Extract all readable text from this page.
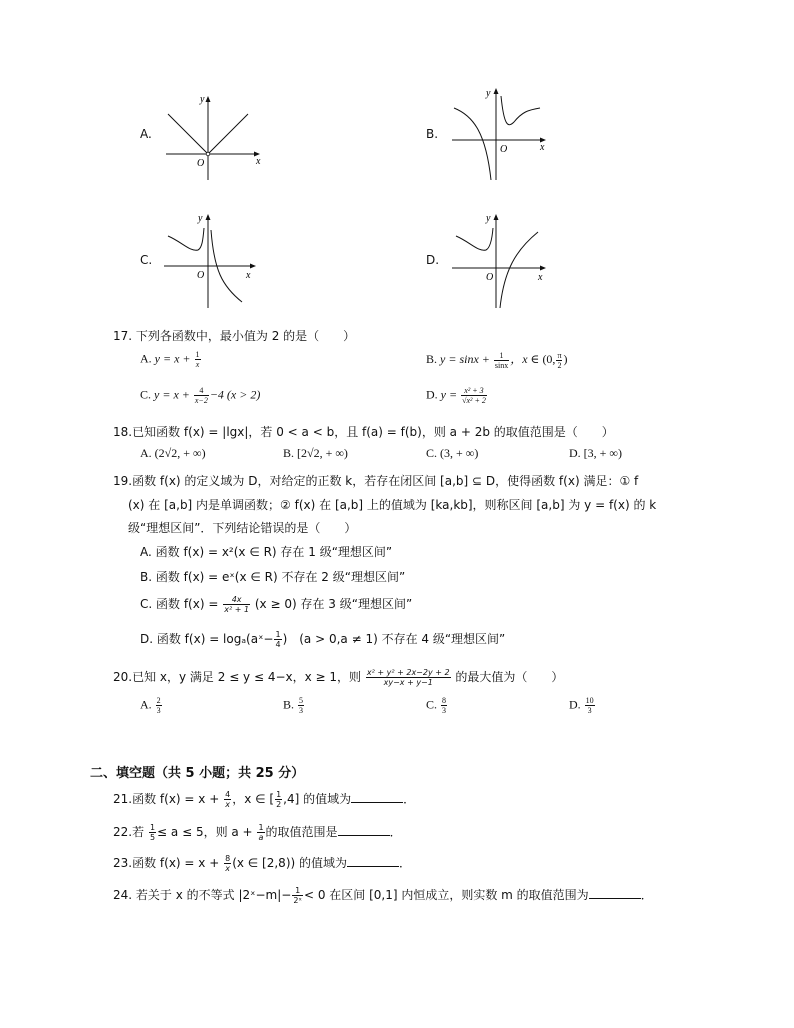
A.
x
y
O
B.
x
y
O
C.
x
y
O
D.
x
y
O
17. 下列各函数中，最小值为 2 的是（　　）
A. $y = x + \frac{1}{x}$	B. $y = \sin x + \frac{1}{\sin x}$ ，x ∈ (0, $\frac{\pi}{2}$ )
C. $y = x + \frac{4}{x-2} -4$ (x > 2)	D. $y = \frac{\text{x² + 3}}{\text{√x² + 2}}$
18.已知函数 f(x) = |lgx|，若 0 < a < b，且 f(a) = f(b)，则 a + 2b 的取值范围是（　　）
A. (2√2, + ∞)	B. [2√2, + ∞)	C. (3, + ∞)	D. [3, + ∞)
19.函数 f(x) 的定义域为 D，对给定的正数 k，若存在闭区间 [a,b] ⊆ D，使得函数 f(x) 满足：① f
(x) 在 [a,b] 内是单调函数；② f(x) 在 [a,b] 上的值域为 [ka,kb]，则称区间 [a,b] 为 y = f(x) 的 k
级“理想区间”．下列结论错误的是（　　）
A. 函数 f(x) = x²(x ∈ R) 存在 1 级“理想区间”
B. 函数 f(x) = eˣ(x ∈ R) 不存在 2 级“理想区间”
C. 函数 $f(x) = \frac{4x}{\text{x² + 1}} (x \ge 0)$ 存在 3 级“理想区间”
D. 函数 f(x) = logₐ(aˣ− $\frac{1}{4}$ )　(a > 0,a ≠ 1) 不存在 4 级“理想区间”
20.已知 x，y 满足 2 ≤ y ≤ 4−x，x ≥ 1，则 $\frac{\text{x² + y² + 2x−2y + 2}}{xy-x + y-1}$ 的最大值为（　　）
A. $\frac{2}{3}$	B. $\frac{5}{3}$	C. $\frac{8}{3}$	D. $\frac{10}{3}$
二、填空题（共 5 小题；共 25 分）
21.函数 $f(x) = x + \frac{4}{x}$ ，x ∈ [ $\frac{1}{2} ,4$] 的值域为	．
22.若 $\frac{1}{5} \le a \le 5$，则 $a + \frac{1}{a}$ 的取值范围是	．
23.函数 $f(x) = x + \frac{8}{x} (x$ ∈ [2,8)) 的值域为	．
24. 若关于 x 的不等式 |2ˣ−m|− $\frac{1}{\text{2ˣ}} < 0$ 在区间 [0,1] 内恒成立，则实数 m 的取值范围为	．
